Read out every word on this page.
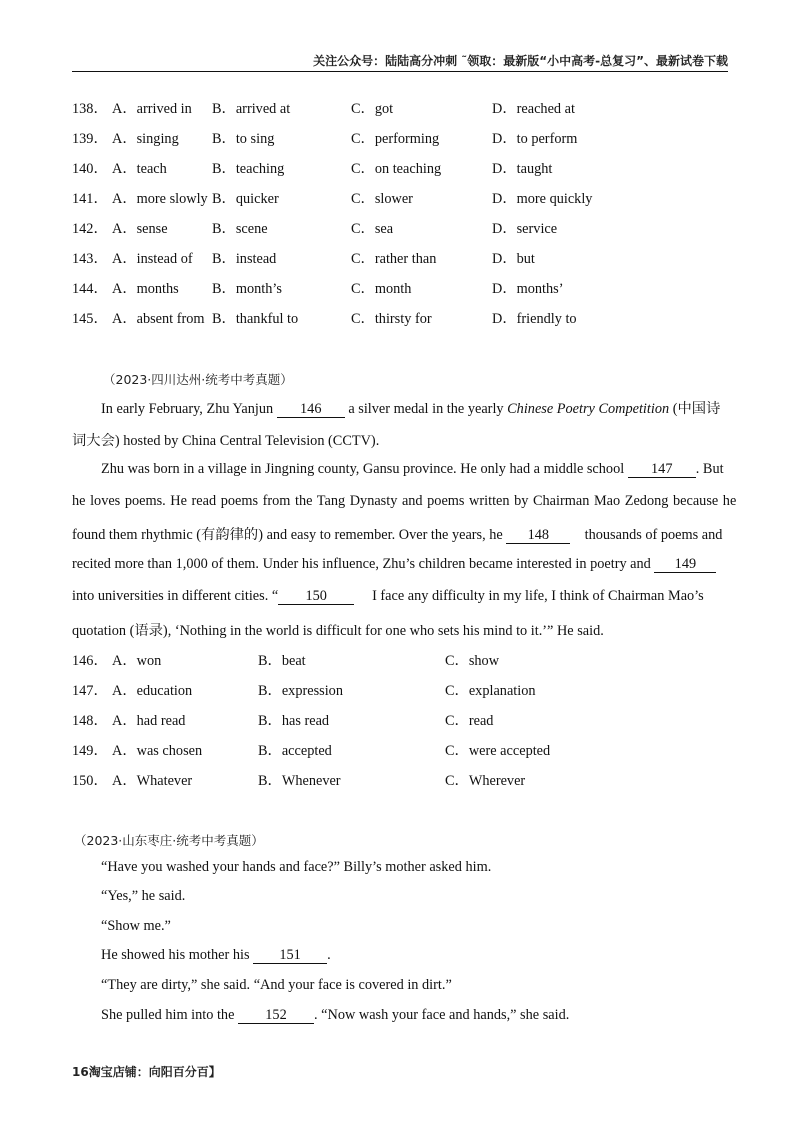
关注公众号：陆陆高分冲刺 ˜领取：最新版“小中高考-总复习”、最新试卷下载
138． A．arrived in B．arrived at	C．got	D．reached at
139． A．singing B．to sing	C．performing	D．to perform
140． A．teach	B．teaching	C．on teaching	D．taught
141． A．more slowly B．quicker	C．slower	D．more quickly
142． A．sense	B．scene	C．sea	D．service
143． A．instead of B．instead	C．rather than	D．but
144． A．months B．month’s	C．month	D．months’
145． A．absent from B．thankful to	C．thirsty for	D．friendly to
（2023·四川达州·统考中考真题）
In early February, Zhu Yanjun 146 a silver medal in the yearly Chinese Poetry Competition (中国诗
词大会) hosted by China Central Television (CCTV).
Zhu was born in a village in Jingning county, Gansu province. He only had a middle school 147 . But
he loves poems. He read poems from the Tang Dynasty and poems written by Chairman Mao Zedong because he
found them rhythmic (有韵律的) and easy to remember. Over the years, he 148 thousands of poems and
recited more than 1,000 of them. Under his influence, Zhu’s children became interested in poetry and 149
into universities in different cities. “ 150	I face any difficulty in my life, I think of Chairman Mao’s
quotation (语录), ‘Nothing in the world is difficult for one who sets his mind to it.’” He said.
146． A．won	B．beat	C．show
147． A．education	B．expression	C．explanation
148． A．had read	B．has read	C．read
149． A．was chosen	B．accepted	C．were accepted
150． A．Whatever	B．Whenever	C．Wherever
（2023·山东枣庄·统考中考真题）
“Have you washed your hands and face?” Billy’s mother asked him.
“Yes,” he said.
“Show me.”
He showed his mother his 151 .
“They are dirty,” she said. “And your face is covered in dirt.”
She pulled him into the 152 . “Now wash your face and hands,” she said.
16淘宝店铺：向阳百分百】
